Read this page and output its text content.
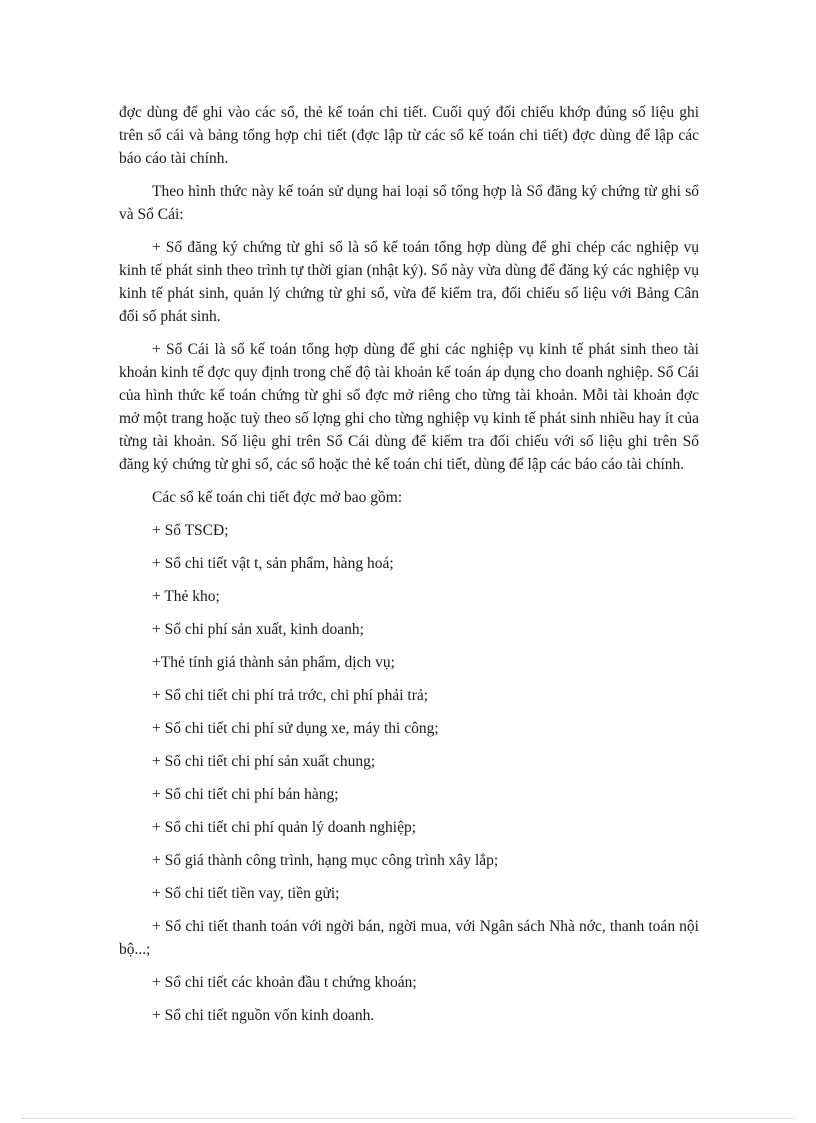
đợc dùng để ghi vào các sổ, thẻ kế toán chi tiết. Cuối quý đối chiếu khớp đúng số liệu ghi trên sổ cái và bảng tổng hợp chi tiết (đợc lập từ các sổ kế toán chi tiết) đợc dùng để lập các báo cáo tài chính.

Theo hình thức này kế toán sử dụng hai loại sổ tổng hợp là Sổ đăng ký chứng từ ghi sổ và Sổ Cái:

+ Sổ đăng ký chứng từ ghi sổ là sổ kế toán tổng hợp dùng để ghi chép các nghiệp vụ kinh tế phát sinh theo trình tự thời gian (nhật ký). Sổ này vừa dùng để đăng ký các nghiệp vụ kinh tế phát sinh, quản lý chứng từ ghi sổ, vừa để kiểm tra, đối chiếu số liệu với Bảng Cân đối số phát sinh.

+ Sổ Cái là sổ kế toán tổng hợp dùng để ghi các nghiệp vụ kinh tế phát sinh theo tài khoản kinh tế đợc quy định trong chế độ tài khoản kế toán áp dụng cho doanh nghiệp. Sổ Cái của hình thức kế toán chứng từ ghi sổ đợc mở riêng cho từng tài khoản. Mỗi tài khoản đợc mở một trang hoặc tuỳ theo số lợng ghi cho từng nghiệp vụ kinh tế phát sinh nhiều hay ít của từng tài khoản. Số liệu ghi trên Sổ Cái dùng để kiểm tra đối chiếu với số liệu ghi trên Sổ đăng ký chứng từ ghi sổ, các sổ hoặc thẻ kế toán chi tiết, dùng để lập các báo cáo tài chính.

Các sổ kế toán chi tiết đợc mở bao gồm:

+ Sổ TSCĐ;

+ Sổ chi tiết vật t, sản phẩm, hàng hoá;

+ Thẻ kho;

+ Sổ chi phí sản xuất, kinh doanh;

+Thẻ tính giá thành sản phẩm, dịch vụ;

+ Sổ chi tiết chi phí trả trớc, chi phí phải trả;

+ Sổ chi tiết chi phí sử dụng xe, máy thi công;

+ Sổ chi tiết chi phí sản xuất chung;

+ Sổ chi tiết chi phí bán hàng;

+ Sổ chi tiết chi phí quản lý doanh nghiệp;

+ Sổ giá thành công trình, hạng mục công trình xây lắp;

+ Sổ chi tiết tiền vay, tiền gửi;

+ Sổ chi tiết thanh toán với ngời bán, ngời mua, với Ngân sách Nhà nớc, thanh toán nội bộ...;

+ Sổ chi tiết các khoản đầu t chứng khoán;

+ Sổ chi tiết nguồn vốn kinh doanh.
